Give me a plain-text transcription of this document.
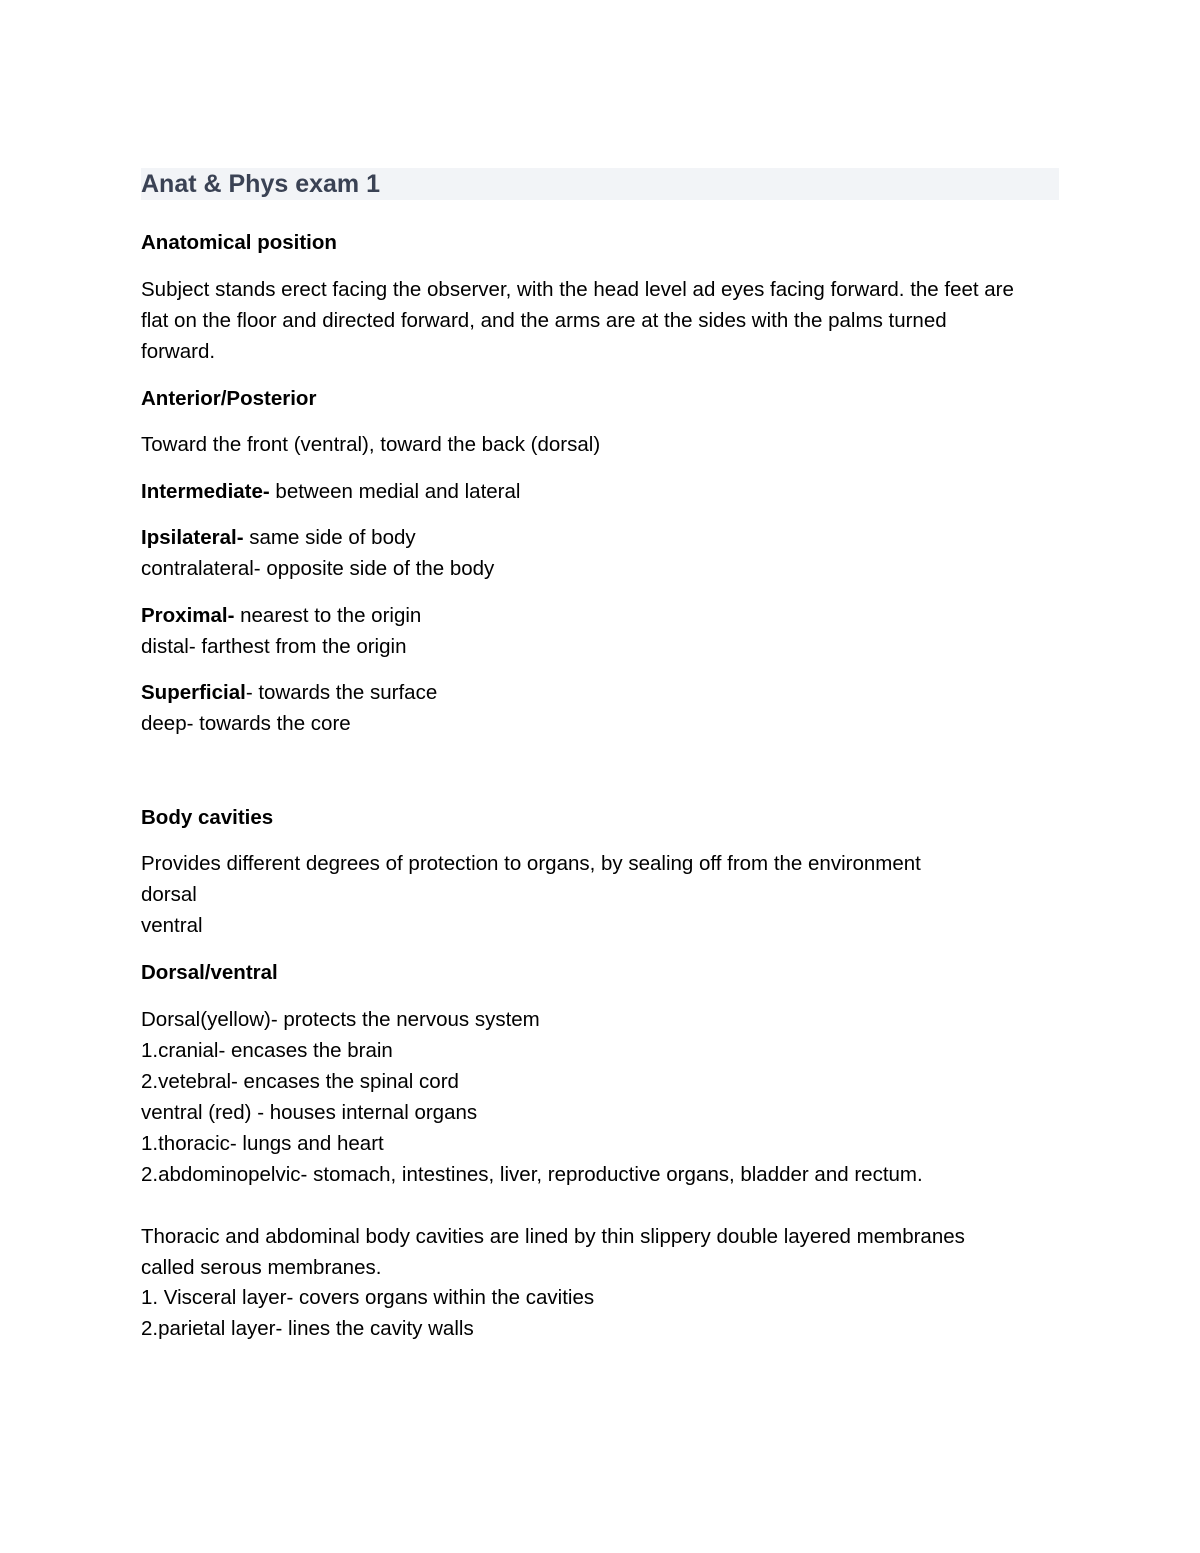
Anat & Phys exam 1
Anatomical position
Subject stands erect facing the observer, with the head level ad eyes facing forward. the feet are
flat on the floor and directed forward, and the arms are at the sides with the palms turned
forward.
Anterior/Posterior
Toward the front (ventral), toward the back (dorsal)
Intermediate- between medial and lateral
Ipsilateral- same side of body
contralateral- opposite side of the body
Proximal- nearest to the origin
distal- farthest from the origin
Superficial- towards the surface
deep- towards the core
Body cavities
Provides different degrees of protection to organs, by sealing off from the environment
dorsal
ventral
Dorsal/ventral
Dorsal(yellow)- protects the nervous system
1.cranial- encases the brain
2.vetebral- encases the spinal cord
ventral (red) - houses internal organs
1.thoracic- lungs and heart
2.abdominopelvic- stomach, intestines, liver, reproductive organs, bladder and rectum.
Thoracic and abdominal body cavities are lined by thin slippery double layered membranes
called serous membranes.
1. Visceral layer- covers organs within the cavities
2.parietal layer- lines the cavity walls
